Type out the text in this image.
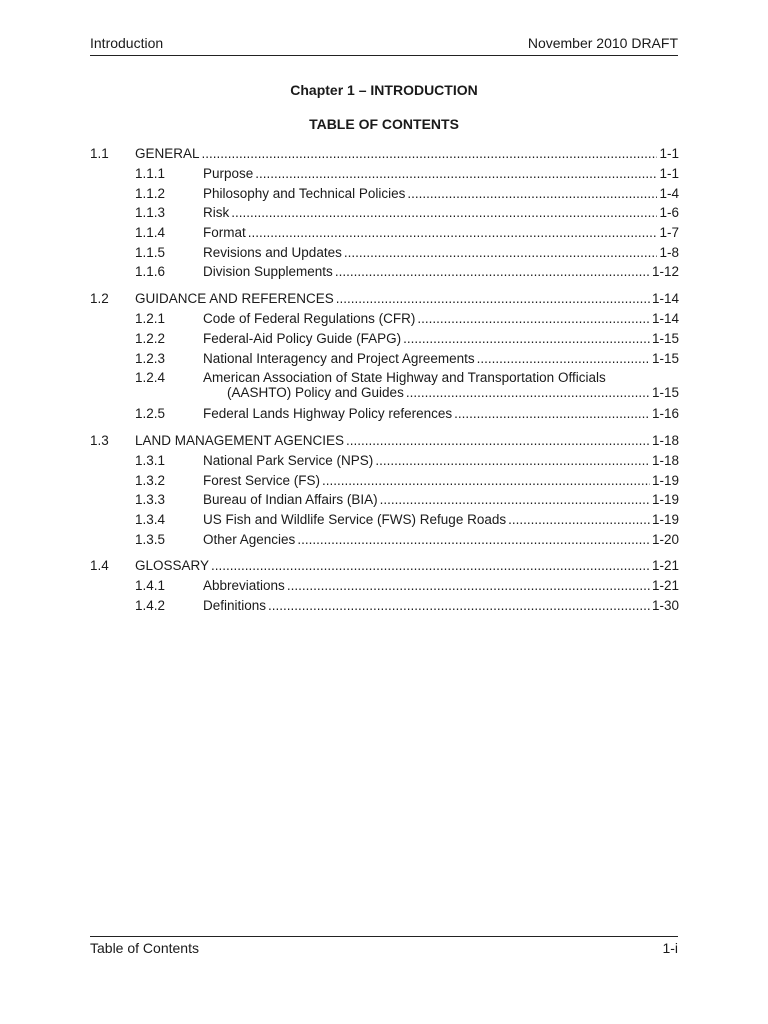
Introduction	November 2010 DRAFT
Chapter 1 – INTRODUCTION
TABLE OF CONTENTS
1.1	GENERAL .....	1-1
1.1.1	Purpose .....	1-1
1.1.2	Philosophy and Technical Policies .....	1-4
1.1.3	Risk .....	1-6
1.1.4	Format .....	1-7
1.1.5	Revisions and Updates .....	1-8
1.1.6	Division Supplements .....	1-12
1.2	GUIDANCE AND REFERENCES .....	1-14
1.2.1	Code of Federal Regulations (CFR) .....	1-14
1.2.2	Federal-Aid Policy Guide (FAPG) .....	1-15
1.2.3	National Interagency and Project Agreements .....	1-15
1.2.4	American Association of State Highway and Transportation Officials
(AASHTO) Policy and Guides .....	1-15
1.2.5	Federal Lands Highway Policy references .....	1-16
1.3	LAND MANAGEMENT AGENCIES .....	1-18
1.3.1	National Park Service (NPS) .....	1-18
1.3.2	Forest Service (FS) .....	1-19
1.3.3	Bureau of Indian Affairs (BIA) .....	1-19
1.3.4	US Fish and Wildlife Service (FWS) Refuge Roads .....	1-19
1.3.5	Other Agencies .....	1-20
1.4	GLOSSARY .....	1-21
1.4.1	Abbreviations .....	1-21
1.4.2	Definitions .....	1-30
Table of Contents	1-i
